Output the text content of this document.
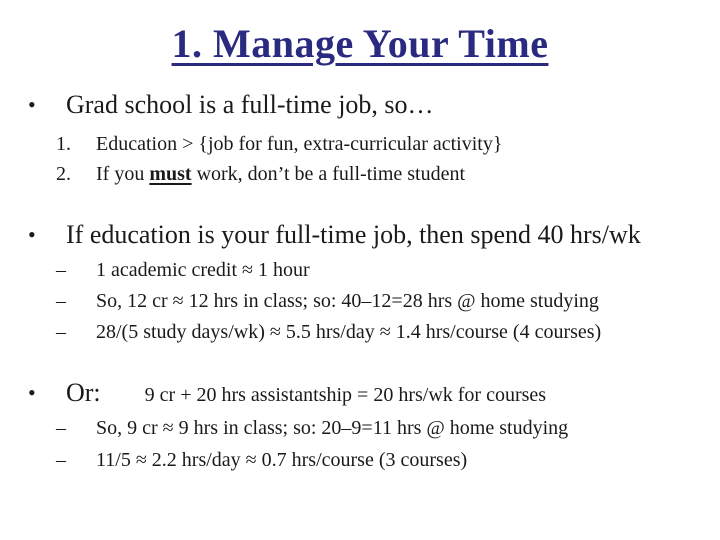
1. Manage Your Time
• Grad school is a full-time job, so…
1. Education > {job for fun, extra-curricular activity}
2. If you must work, don’t be a full-time student
• If education is your full-time job, then spend 40 hrs/wk
– 1 academic credit ≈ 1 hour
– So, 12 cr ≈ 12 hrs in class; so: 40–12=28 hrs @ home studying
– 28/(5 study days/wk) ≈ 5.5 hrs/day ≈ 1.4 hrs/course (4 courses)
• Or: 9 cr + 20 hrs assistantship = 20 hrs/wk for courses
– So, 9 cr ≈ 9 hrs in class; so: 20–9=11 hrs @ home studying
– 11/5 ≈ 2.2 hrs/day ≈ 0.7 hrs/course (3 courses)
